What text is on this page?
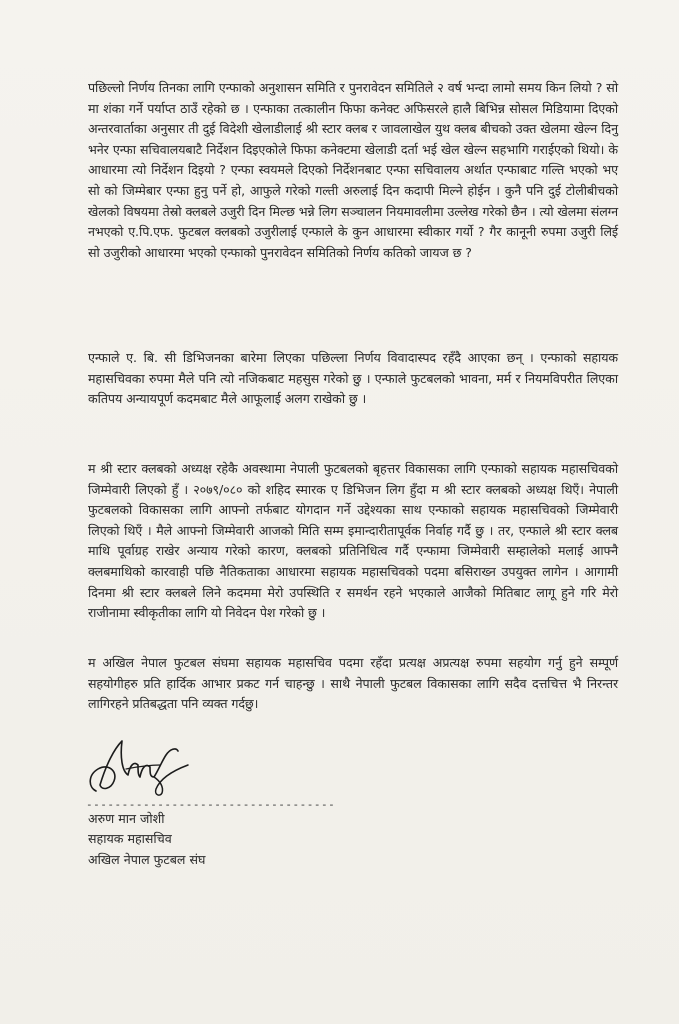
पछिल्लो निर्णय तिनका लागि एन्फाको अनुशासन समिति र पुनरावेदन समितिले २ वर्ष भन्दा लामो समय किन लियो ? सो मा शंका गर्ने पर्याप्त ठाउँ रहेको छ । एन्फाका तत्कालीन फिफा कनेक्ट अफिसरले हालै बिभिन्न सोसल मिडियामा दिएको अन्तरवार्ताका अनुसार ती दुई विदेशी खेलाडीलाई श्री स्टार क्लब र जावलाखेल युथ क्लब बीचको उक्त खेलमा खेल्न दिनु भनेर एन्फा सचिवालयबाटै निर्देशन दिइएकोले फिफा कनेक्टमा खेलाडी दर्ता भई खेल खेल्न सहभागि गराईएको थियो। के आधारमा त्यो निर्देशन दिइयो ? एन्फा स्वयमले दिएको निर्देशनबाट एन्फा सचिवालय अर्थात एन्फाबाट गल्ति भएको भए सो को जिम्मेबार एन्फा हुनु पर्ने हो, आफुले गरेको गल्ती अरुलाई दिन कदापी मिल्ने होईन । कुनै पनि दुई टोलीबीचको खेलको विषयमा तेस्रो क्लबले उजुरी दिन मिल्छ भन्ने लिग सञ्चालन नियमावलीमा उल्लेख गरेको छैन । त्यो खेलमा संलग्न नभएको ए.पि.एफ. फुटबल क्लबको उजुरीलाई एन्फाले के कुन आधारमा स्वीकार गर्यो ? गैर कानूनी रुपमा उजुरी लिई सो उजुरीको आधारमा भएको एन्फाको पुनरावेदन समितिको निर्णय कतिको जायज छ ?

एन्फाले ए. बि. सी डिभिजनका बारेमा लिएका पछिल्ला निर्णय विवादास्पद रहँदै आएका छन् । एन्फाको सहायक महासचिवका रुपमा मैले पनि त्यो नजिकबाट महसुस गरेको छु । एन्फाले फुटबलको भावना, मर्म र नियमविपरीत लिएका कतिपय अन्यायपूर्ण कदमबाट मैले आफूलाई अलग राखेको छु ।

म श्री स्टार क्लबको अध्यक्ष रहेकै अवस्थामा नेपाली फुटबलको बृहत्तर विकासका लागि एन्फाको सहायक महासचिवको जिम्मेवारी लिएको हुँ । २०७९/०८० को शहिद स्मारक ए डिभिजन लिग हुँदा म श्री स्टार क्लबको अध्यक्ष थिएँ। नेपाली फुटबलको विकासका लागि आफ्नो तर्फबाट योगदान गर्ने उद्देश्यका साथ एन्फाको सहायक महासचिवको जिम्मेवारी लिएको थिएँ । मैले आफ्नो जिम्मेवारी आजको मिति सम्म इमान्दारीतापूर्वक निर्वाह गर्दै छु । तर, एन्फाले श्री स्टार क्लब माथि पूर्वाग्रह राखेर अन्याय गरेको कारण, क्लबको प्रतिनिधित्व गर्दै एन्फामा जिम्मेवारी सम्हालेको मलाई आफ्नै क्लबमाथिको कारवाही पछि नैतिकताका आधारमा सहायक महासचिवको पदमा बसिराख्न उपयुक्त लागेन । आगामी दिनमा श्री स्टार क्लबले लिने कदममा मेरो उपस्थिति र समर्थन रहने भएकाले आजैको मितिबाट लागू हुने गरि मेरो राजीनामा स्वीकृतीका लागि यो निवेदन पेश गरेको छु ।

म अखिल नेपाल फुटबल संघमा सहायक महासचिव पदमा रहँदा प्रत्यक्ष अप्रत्यक्ष रुपमा सहयोग गर्नु हुने सम्पूर्ण सहयोगीहरु प्रति हार्दिक आभार प्रकट गर्न चाहन्छु । साथै नेपाली फुटबल विकासका लागि सदैव दत्तचित्त भै निरन्तर लागिरहने प्रतिबद्धता पनि व्यक्त गर्दछु।

-----------------------------------
अरुण मान जोशी
सहायक महासचिव
अखिल नेपाल फुटबल संघ
